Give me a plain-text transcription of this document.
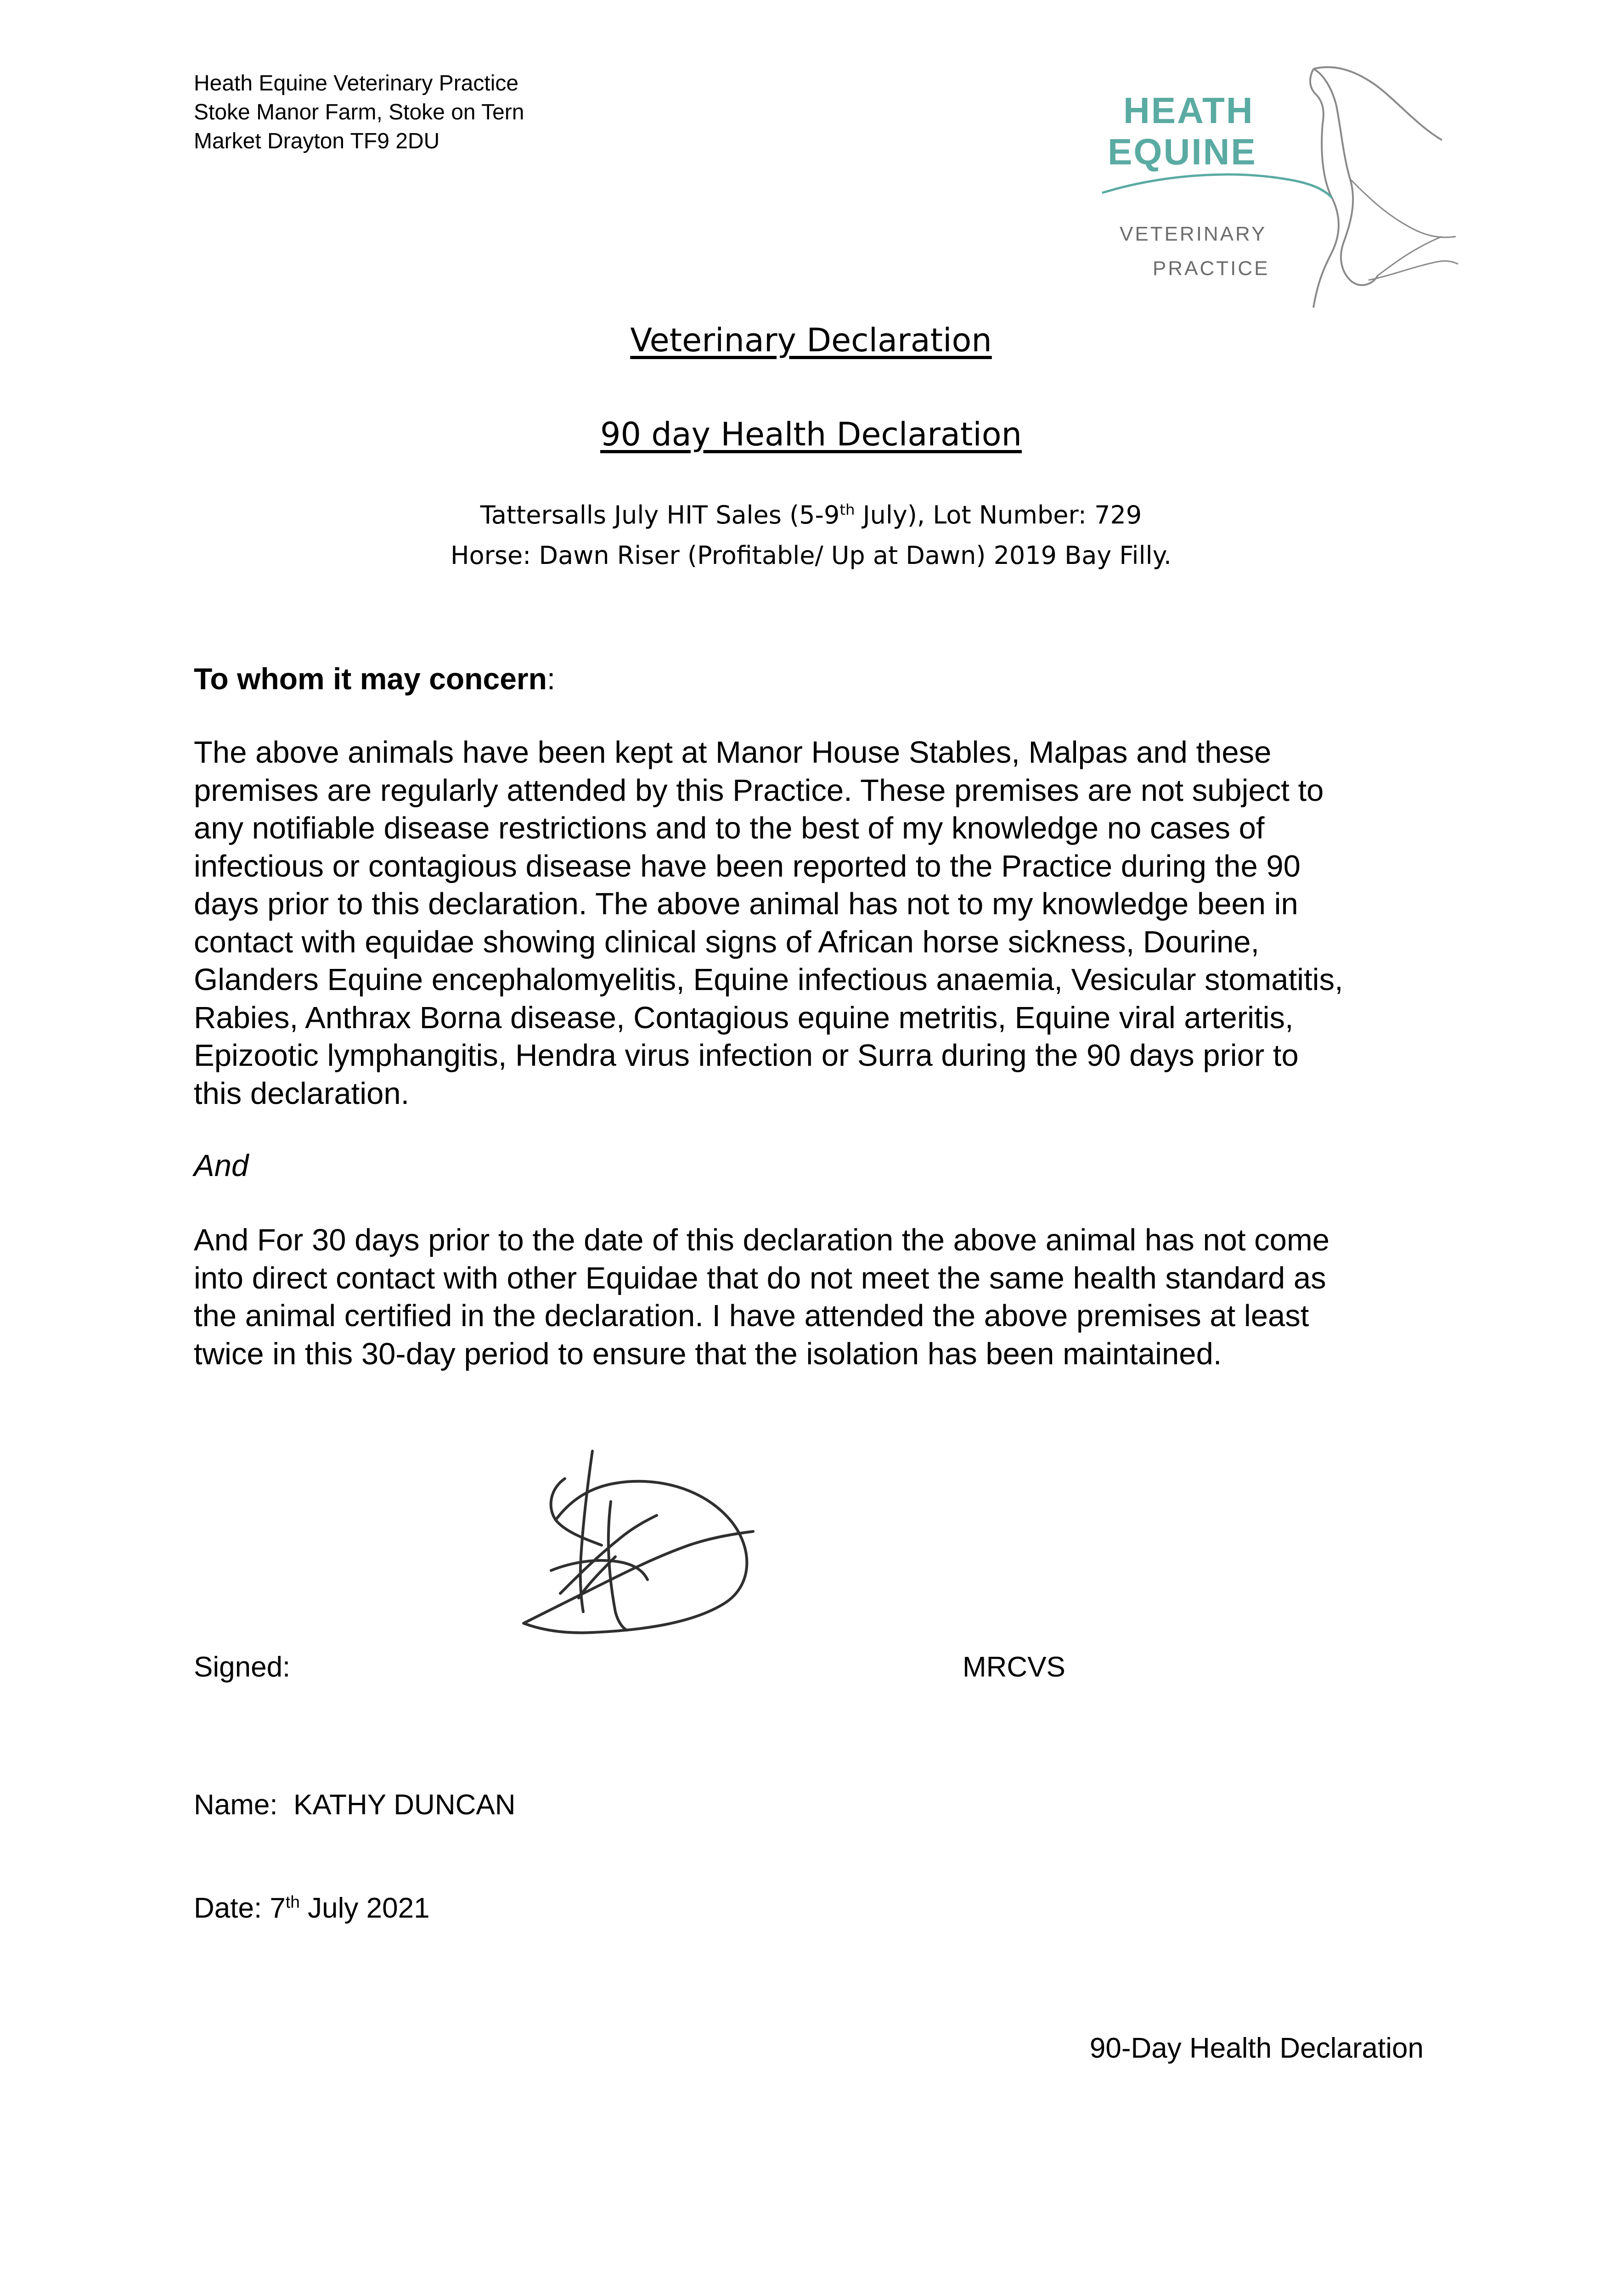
Heath Equine Veterinary Practice
Stoke Manor Farm, Stoke on Tern
Market Drayton TF9 2DU
HEATH
EQUINE
VETERINARY
PRACTICE
Veterinary Declaration
90 day Health Declaration
Tattersalls July HIT Sales (5-9th July), Lot Number: 729
Horse: Dawn Riser (Profitable/ Up at Dawn) 2019 Bay Filly.
To whom it may concern:
The above animals have been kept at Manor House Stables, Malpas and these
premises are regularly attended by this Practice. These premises are not subject to
any notifiable disease restrictions and to the best of my knowledge no cases of
infectious or contagious disease have been reported to the Practice during the 90
days prior to this declaration. The above animal has not to my knowledge been in
contact with equidae showing clinical signs of African horse sickness, Dourine,
Glanders Equine encephalomyelitis, Equine infectious anaemia, Vesicular stomatitis,
Rabies, Anthrax Borna disease, Contagious equine metritis, Equine viral arteritis,
Epizootic lymphangitis, Hendra virus infection or Surra during the 90 days prior to
this declaration.
And
And For 30 days prior to the date of this declaration the above animal has not come
into direct contact with other Equidae that do not meet the same health standard as
the animal certified in the declaration. I have attended the above premises at least
twice in this 30-day period to ensure that the isolation has been maintained.
Signed:	MRCVS
Name:  KATHY DUNCAN
Date: 7th July 2021
90-Day Health Declaration
